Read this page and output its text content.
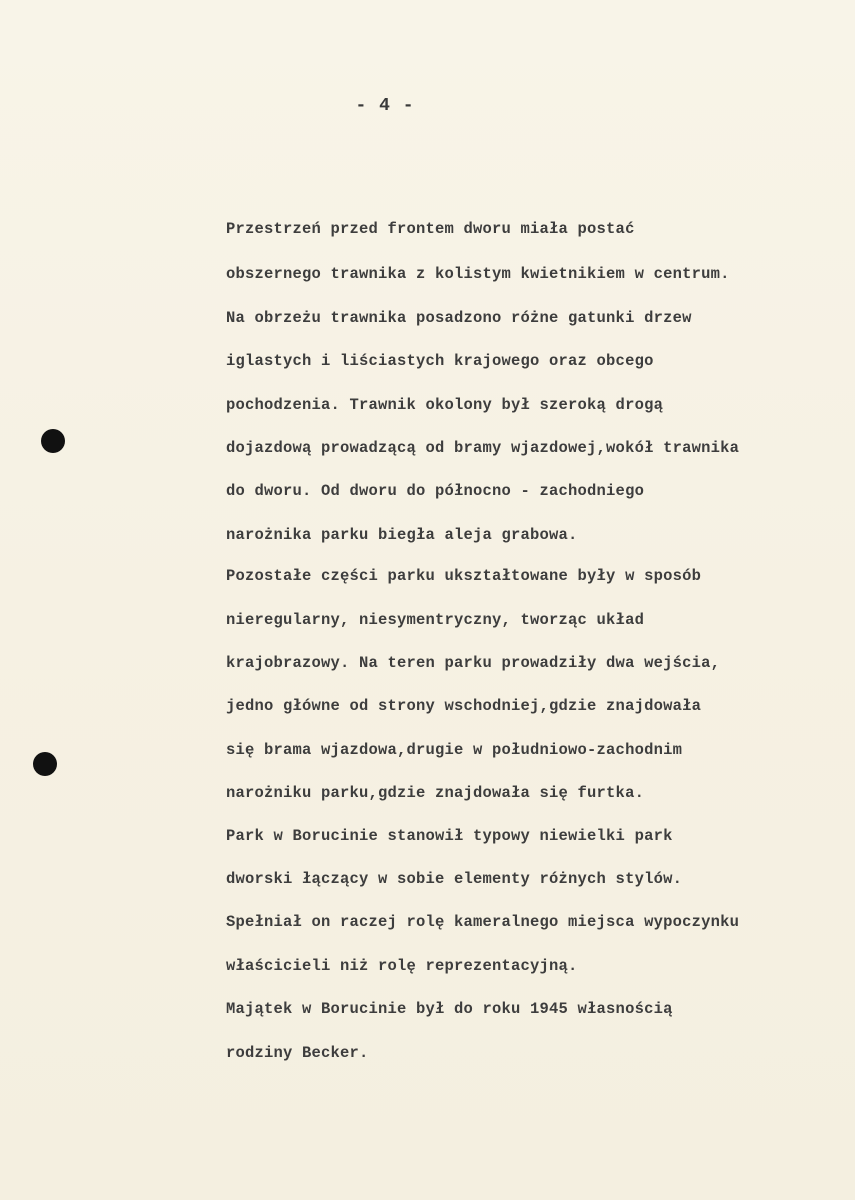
- 4 -
Przestrzeń przed frontem dworu miała postać
obszernego trawnika z kolistym kwietnikiem w centrum.
Na obrzeżu trawnika posadzono różne gatunki drzew
iglastych i liściastych krajowego oraz obcego
pochodzenia. Trawnik okolony był szeroką drogą
dojazdową prowadzącą od bramy wjazdowej,wokół trawnika
do dworu. Od dworu do północno - zachodniego
narożnika parku biegła aleja grabowa.
Pozostałe części parku ukształtowane były w sposób
nieregularny, niesymentryczny, tworząc układ
krajobrazowy. Na teren parku prowadziły dwa wejścia,
jedno główne od strony wschodniej,gdzie znajdowała
się brama wjazdowa,drugie w południowo-zachodnim
narożniku parku,gdzie znajdowała się furtka.
Park w Borucinie stanowił typowy niewielki park
dworski łączący w sobie elementy różnych stylów.
Spełniał on raczej rolę kameralnego miejsca wypoczynku
właścicieli niż rolę reprezentacyjną.
Majątek w Borucinie był do roku 1945 własnością
rodziny Becker.
